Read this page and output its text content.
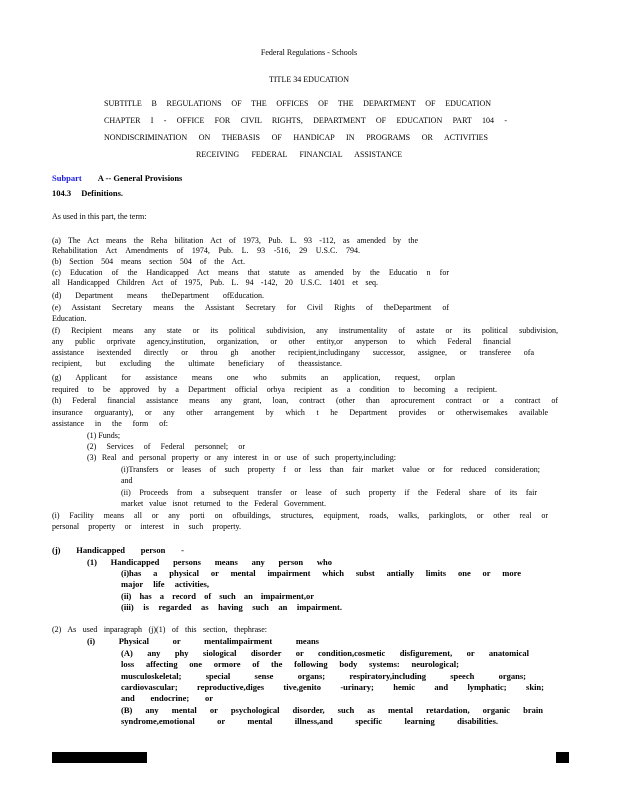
Federal Regulations - Schools
TITLE 34 EDUCATION
SUBTITLE B REGULATIONS OF THE OFFICES OF THE DEPARTMENT OF EDUCATION
CHAPTER I - OFFICE FOR CIVIL RIGHTS, DEPARTMENT OF EDUCATION PART 104 -
NONDISCRIMINATION ON THEBASIS OF HANDICAP IN PROGRAMS OR ACTIVITIES
RECEIVING FEDERAL FINANCIAL ASSISTANCE
Subpart A -- General Provisions
104.3 Definitions.
As used in this part, the term:
(a) The Act means the Reha bilitation Act of 1973, Pub. L. 93 -112, as amended by the
Rehabilitation Act Amendments of 1974, Pub. L. 93 -516, 29 U.S.C. 794.
(b) Section 504 means section 504 of the Act.
(c) Education of the Handicapped Act means that statute as amended by the Educatio n for
all Handicapped Children Act of 1975, Pub. L. 94 -142, 20 U.S.C. 1401 et seq.
(d) Department means theDepartment ofEducation.
(e) Assistant Secretary means the Assistant Secretary for Civil Rights of theDepartment of
Education.
(f) Recipient means any state or its political subdivision, any instrumentality of astate or its political subdivision,
any public orprivate agency,institution, organization, or other entity,or anyperson to which Federal financial
assistance isextended directly or throu gh another recipient,includingany successor, assignee, or transferee ofa
recipient, but excluding the ultimate beneficiary of theassistance.
(g) Applicant for assistance means one who submits an application, request, orplan
required to be approved by a Department official orbya recipient as a condition to becoming a recipient.
(h) Federal financial assistance means any grant, loan, contract (other than aprocurement contract or a contract of
insurance orguaranty), or any other arrangement by which t he Department provides or otherwisemakes available
assistance in the form of:
(1) Funds;
(2) Services of Federal personnel; or
(3) Real and personal property or any interest in or use of such property,including:
(i)Transfers or leases of such property f or less than fair market value or for reduced consideration;
and
(ii) Proceeds from a subsequent transfer or lease of such property if the Federal share of its fair
market value isnot returned to the Federal Government.
(i) Facility means all or any porti on ofbuildings, structures, equipment, roads, walks, parkinglots, or other real or
personal property or interest in such property.
(j) Handicapped person -
(1) Handicapped persons means any person who
(i)has a physical or mental impairment which subst antially limits one or more
major life activities,
(ii) has a record of such an impairment,or
(iii) is regarded as having such an impairment.
(2) As used inparagraph (j)(1) of this section, thephrase:
(i) Physical or mentalimpairment means
(A) any phy siological disorder or condition,cosmetic disfigurement, or anatomical
loss affecting one ormore of the following body systems: neurological;
musculoskeletal; special sense organs; respiratory,including speech organs;
cardiovascular; reproductive,diges tive,genito -urinary; hemic and lymphatic; skin;
and endocrine; or
(B) any mental or psychological disorder, such as mental retardation, organic brain
syndrome,emotional or mental illness,and specific learning disabilities.
